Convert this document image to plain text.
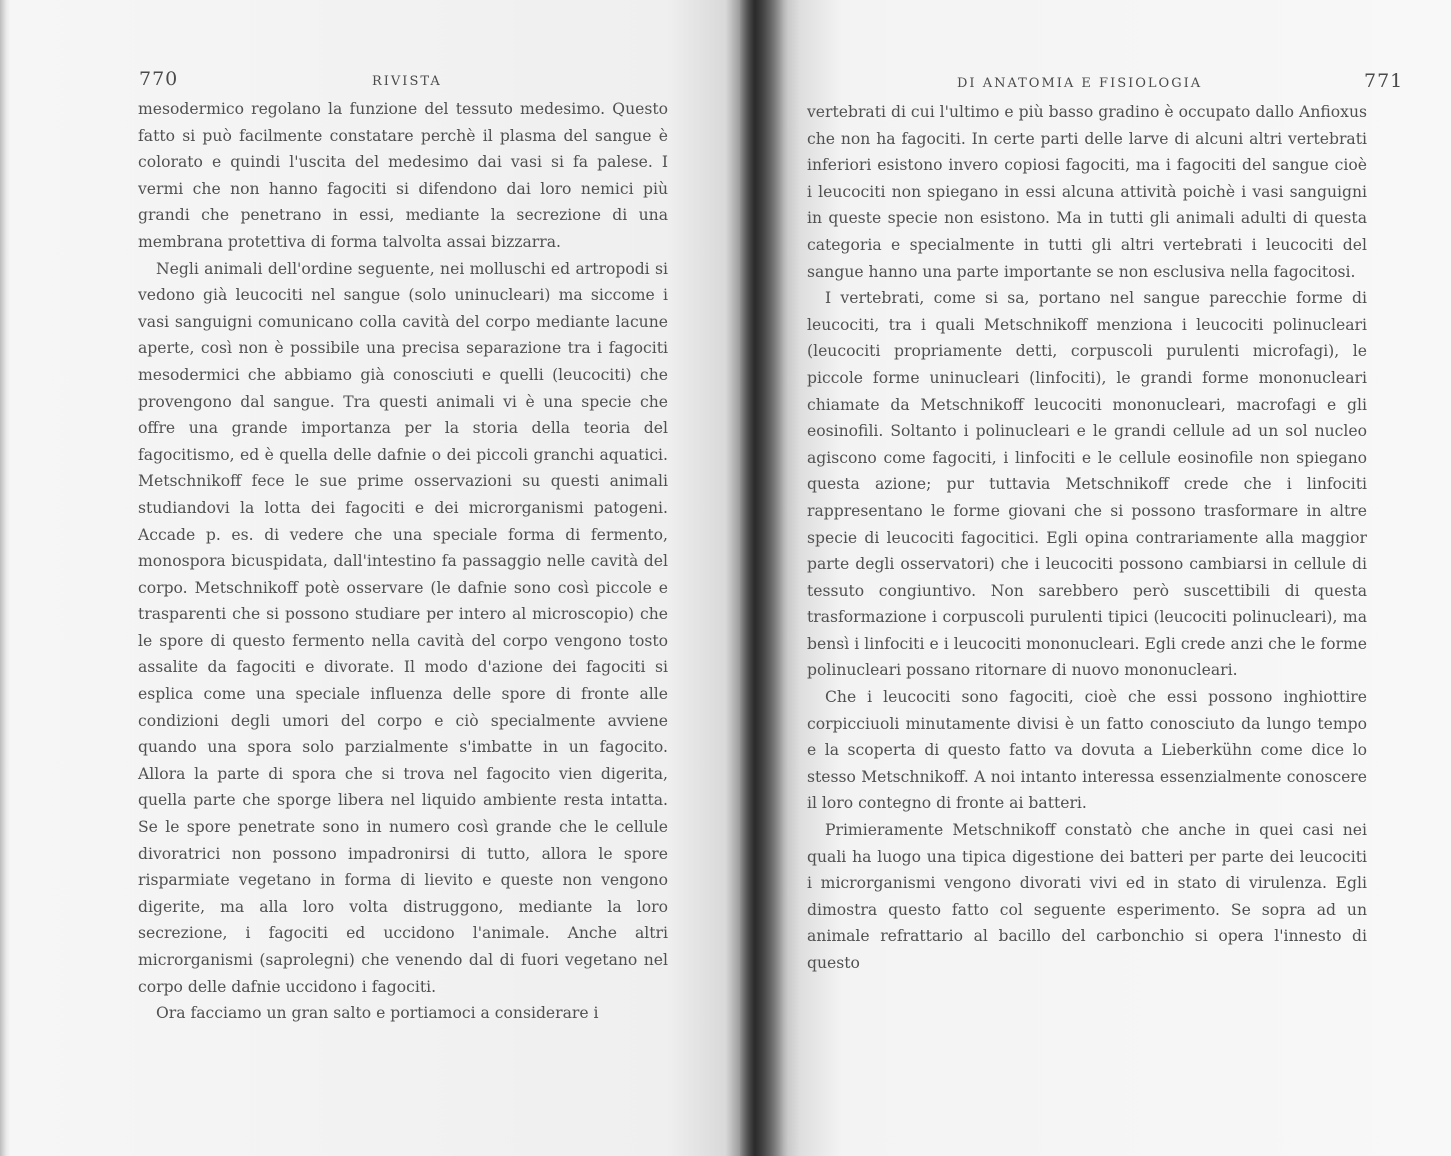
770	RIVISTA

mesodermico regolano la funzione del tessuto medesimo. Questo fatto si può facilmente constatare perchè il plasma del sangue è colorato e quindi l'uscita del medesimo dai vasi si fa palese. I vermi che non hanno fagociti si difendono dai loro nemici più grandi che penetrano in essi, mediante la secrezione di una membrana protettiva di forma talvolta assai bizzarra.

Negli animali dell'ordine seguente, nei molluschi ed artropodi si vedono già leucociti nel sangue (solo uninucleari) ma siccome i vasi sanguigni comunicano colla cavità del corpo mediante lacune aperte, così non è possibile una precisa separazione tra i fagociti mesodermici che abbiamo già conosciuti e quelli (leucociti) che provengono dal sangue. Tra questi animali vi è una specie che offre una grande importanza per la storia della teoria del fagocitismo, ed è quella delle dafnie o dei piccoli granchi aquatici. Metschnikoff fece le sue prime osservazioni su questi animali studiandovi la lotta dei fagociti e dei microrganismi patogeni. Accade p. es. di vedere che una speciale forma di fermento, monospora bicuspidata, dall'intestino fa passaggio nelle cavità del corpo. Metschnikoff potè osservare (le dafnie sono così piccole e trasparenti che si possono studiare per intero al microscopio) che le spore di questo fermento nella cavità del corpo vengono tosto assalite da fagociti e divorate. Il modo d'azione dei fagociti si esplica come una speciale influenza delle spore di fronte alle condizioni degli umori del corpo e ciò specialmente avviene quando una spora solo parzialmente s'imbatte in un fagocito. Allora la parte di spora che si trova nel fagocito vien digerita, quella parte che sporge libera nel liquido ambiente resta intatta. Se le spore penetrate sono in numero così grande che le cellule divoratrici non possono impadronirsi di tutto, allora le spore risparmiate vegetano in forma di lievito e queste non vengono digerite, ma alla loro volta distruggono, mediante la loro secrezione, i fagociti ed uccidono l'animale. Anche altri microrganismi (saprolegni) che venendo dal di fuori vegetano nel corpo delle dafnie uccidono i fagociti.

Ora facciamo un gran salto e portiamoci a considerare i

DI ANATOMIA E FISIOLOGIA	771

vertebrati di cui l'ultimo e più basso gradino è occupato dallo Anfioxus che non ha fagociti. In certe parti delle larve di alcuni altri vertebrati inferiori esistono invero copiosi fagociti, ma i fagociti del sangue cioè i leucociti non spiegano in essi alcuna attività poichè i vasi sanguigni in queste specie non esistono. Ma in tutti gli animali adulti di questa categoria e specialmente in tutti gli altri vertebrati i leucociti del sangue hanno una parte importante se non esclusiva nella fagocitosi.

I vertebrati, come si sa, portano nel sangue parecchie forme di leucociti, tra i quali Metschnikoff menziona i leucociti polinucleari (leucociti propriamente detti, corpuscoli purulenti microfagi), le piccole forme uninucleari (linfociti), le grandi forme mononucleari chiamate da Metschnikoff leucociti mononucleari, macrofagi e gli eosinofili. Soltanto i polinucleari e le grandi cellule ad un sol nucleo agiscono come fagociti, i linfociti e le cellule eosinofile non spiegano questa azione; pur tuttavia Metschnikoff crede che i linfociti rappresentano le forme giovani che si possono trasformare in altre specie di leucociti fagocitici. Egli opina contrariamente alla maggior parte degli osservatori) che i leucociti possono cambiarsi in cellule di tessuto congiuntivo. Non sarebbero però suscettibili di questa trasformazione i corpuscoli purulenti tipici (leucociti polinucleari), ma bensì i linfociti e i leucociti mononucleari. Egli crede anzi che le forme polinucleari possano ritornare di nuovo mononucleari.

Che i leucociti sono fagociti, cioè che essi possono inghiottire corpicciuoli minutamente divisi è un fatto conosciuto da lungo tempo e la scoperta di questo fatto va dovuta a Lieberkühn come dice lo stesso Metschnikoff. A noi intanto interessa essenzialmente conoscere il loro contegno di fronte ai batteri.

Primieramente Metschnikoff constatò che anche in quei casi nei quali ha luogo una tipica digestione dei batteri per parte dei leucociti i microrganismi vengono divorati vivi ed in stato di virulenza. Egli dimostra questo fatto col seguente esperimento. Se sopra ad un animale refrattario al bacillo del carbonchio si opera l'innesto di questo
